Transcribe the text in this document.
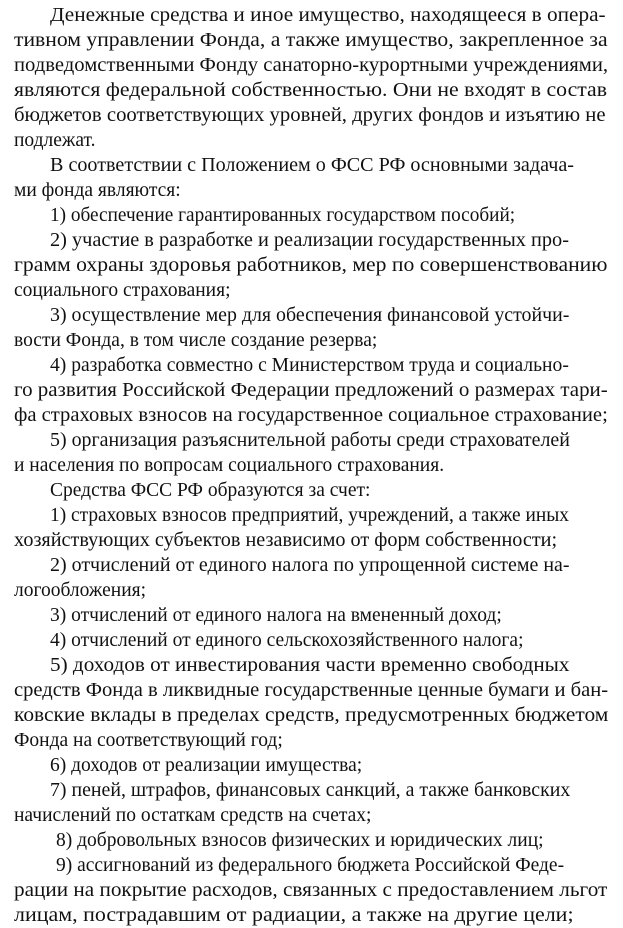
Денежные средства и иное имущество, находящееся в опера-
тивном управлении Фонда, а также имущество, закрепленное за
подведомственными Фонду санаторно-курортными учреждениями,
являются федеральной собственностью. Они не входят в состав
бюджетов соответствующих уровней, других фондов и изъятию не
подлежат.
В соответствии с Положением о ФСС РФ основными задача-
ми фонда являются:
1) обеспечение гарантированных государством пособий;
2) участие в разработке и реализации государственных про-
грамм охраны здоровья работников, мер по совершенствованию
социального страхования;
3) осуществление мер для обеспечения финансовой устойчи-
вости Фонда, в том числе создание резерва;
4) разработка совместно с Министерством труда и социально-
го развития Российской Федерации предложений о размерах тари-
фа страховых взносов на государственное социальное страхование;
5) организация разъяснительной работы среди страхователей
и населения по вопросам социального страхования.
Средства ФСС РФ образуются за счет:
1) страховых взносов предприятий, учреждений, а также иных
хозяйствующих субъектов независимо от форм собственности;
2) отчислений от единого налога по упрощенной системе на-
логообложения;
3) отчислений от единого налога на вмененный доход;
4) отчислений от единого сельскохозяйственного налога;
5) доходов от инвестирования части временно свободных
средств Фонда в ликвидные государственные ценные бумаги и бан-
ковские вклады в пределах средств, предусмотренных бюджетом
Фонда на соответствующий год;
6) доходов от реализации имущества;
7) пеней, штрафов, финансовых санкций, а также банковских
начислений по остаткам средств на счетах;
8) добровольных взносов физических и юридических лиц;
9) ассигнований из федерального бюджета Российской Феде-
рации на покрытие расходов, связанных с предоставлением льгот
лицам, пострадавшим от радиации, а также на другие цели;
